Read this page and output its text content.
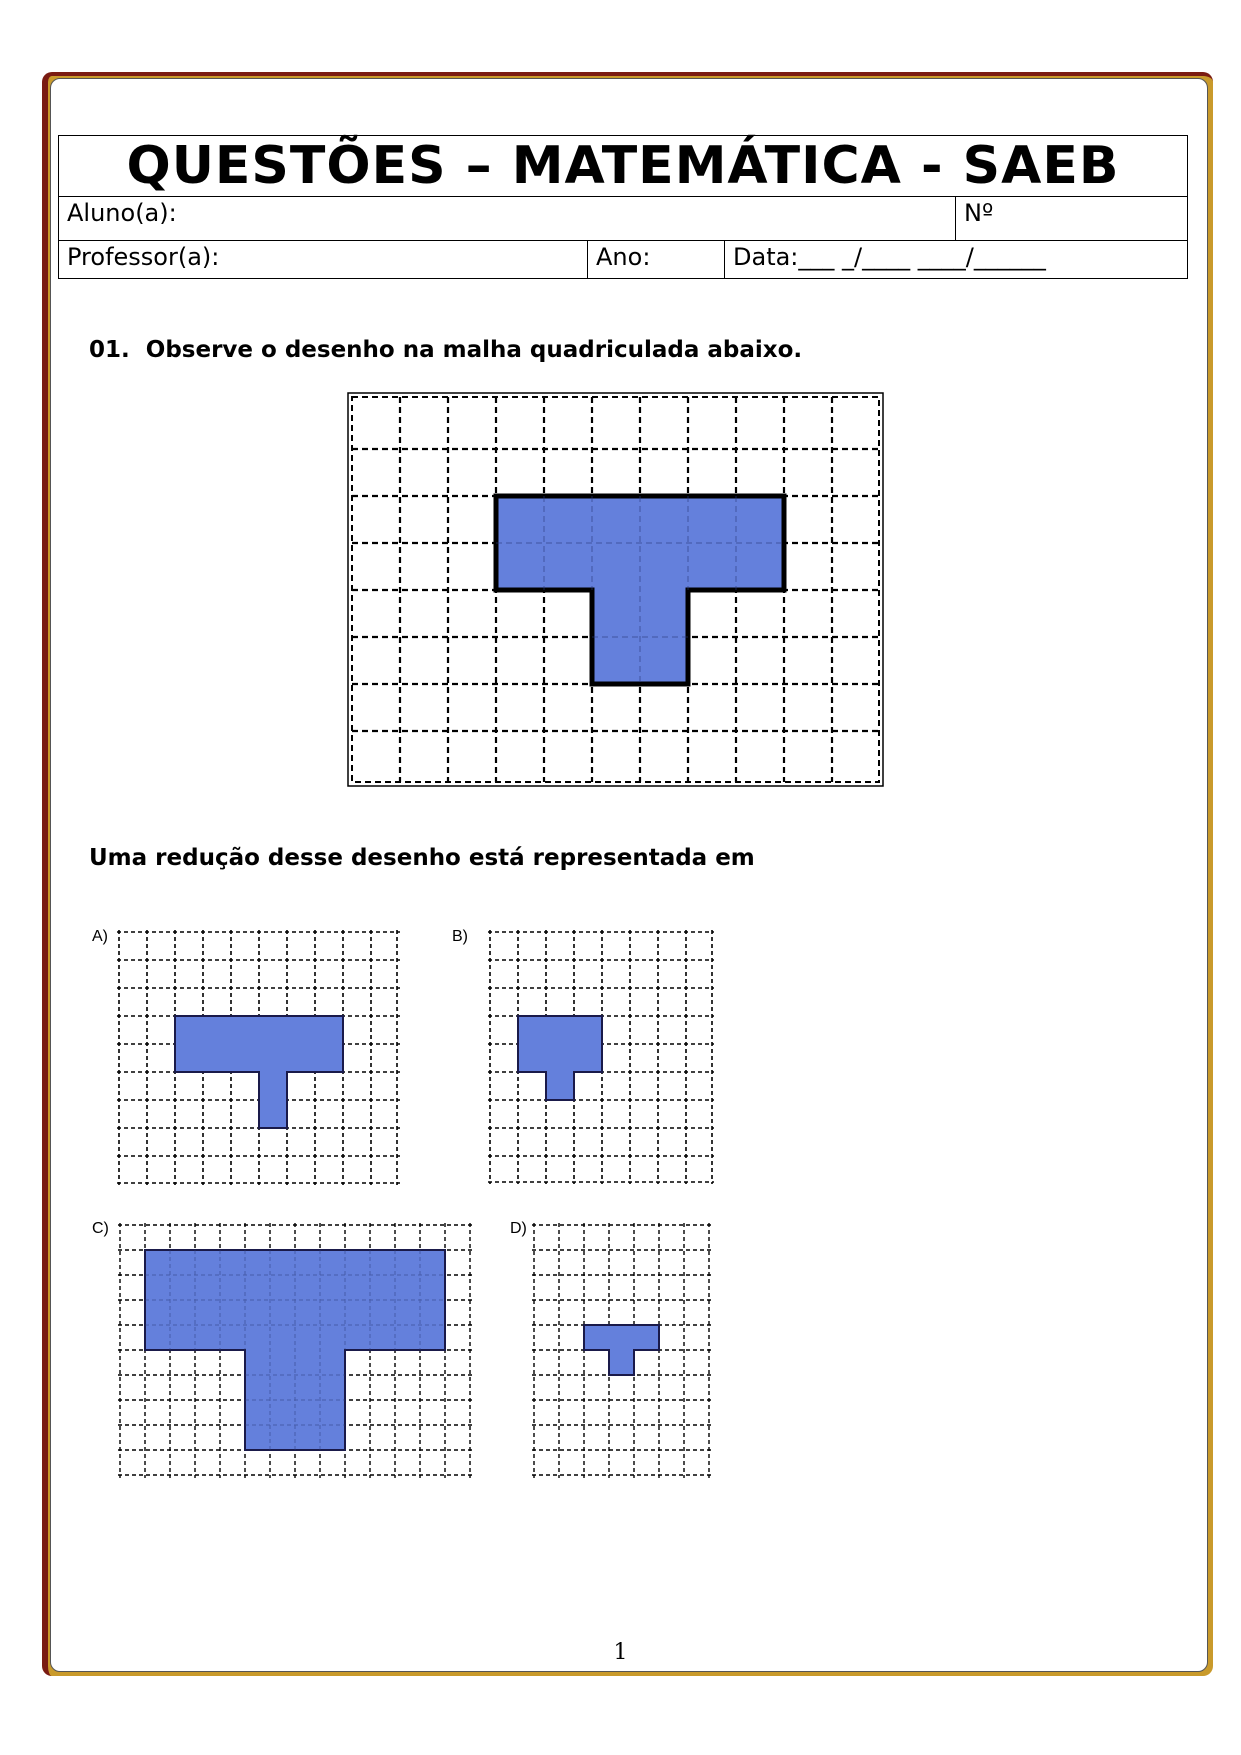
QUESTÕES – MATEMÁTICA - SAEB			
Aluno(a):			Nº
Professor(a):	Ano:	Data:___ _/____ ____/______	
01. Observe o desenho na malha quadriculada abaixo.
Uma redução desse desenho está representada em
A)	B)
C)	D)
1
